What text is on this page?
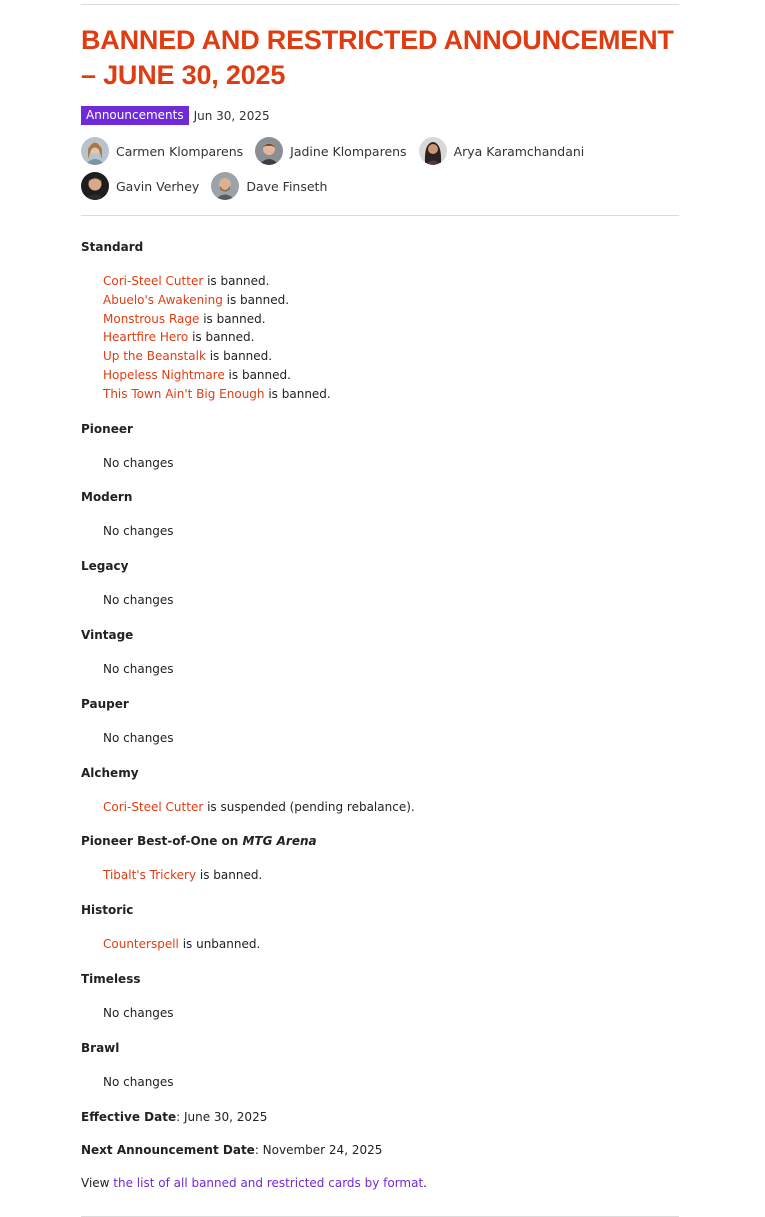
BANNED AND RESTRICTED ANNOUNCEMENT – JUNE 30, 2025
Announcements Jun 30, 2025
Carmen Klomparens	Jadine Klomparens	Arya Karamchandani
Gavin Verhey	Dave Finseth

Standard

Cori-Steel Cutter is banned.
Abuelo's Awakening is banned.
Monstrous Rage is banned.
Heartfire Hero is banned.
Up the Beanstalk is banned.
Hopeless Nightmare is banned.
This Town Ain't Big Enough is banned.

Pioneer

No changes

Modern

No changes

Legacy

No changes

Vintage

No changes

Pauper

No changes

Alchemy

Cori-Steel Cutter is suspended (pending rebalance).

Pioneer Best-of-One on MTG Arena

Tibalt's Trickery is banned.

Historic

Counterspell is unbanned.

Timeless

No changes

Brawl

No changes

Effective Date: June 30, 2025

Next Announcement Date: November 24, 2025

View the list of all banned and restricted cards by format.
